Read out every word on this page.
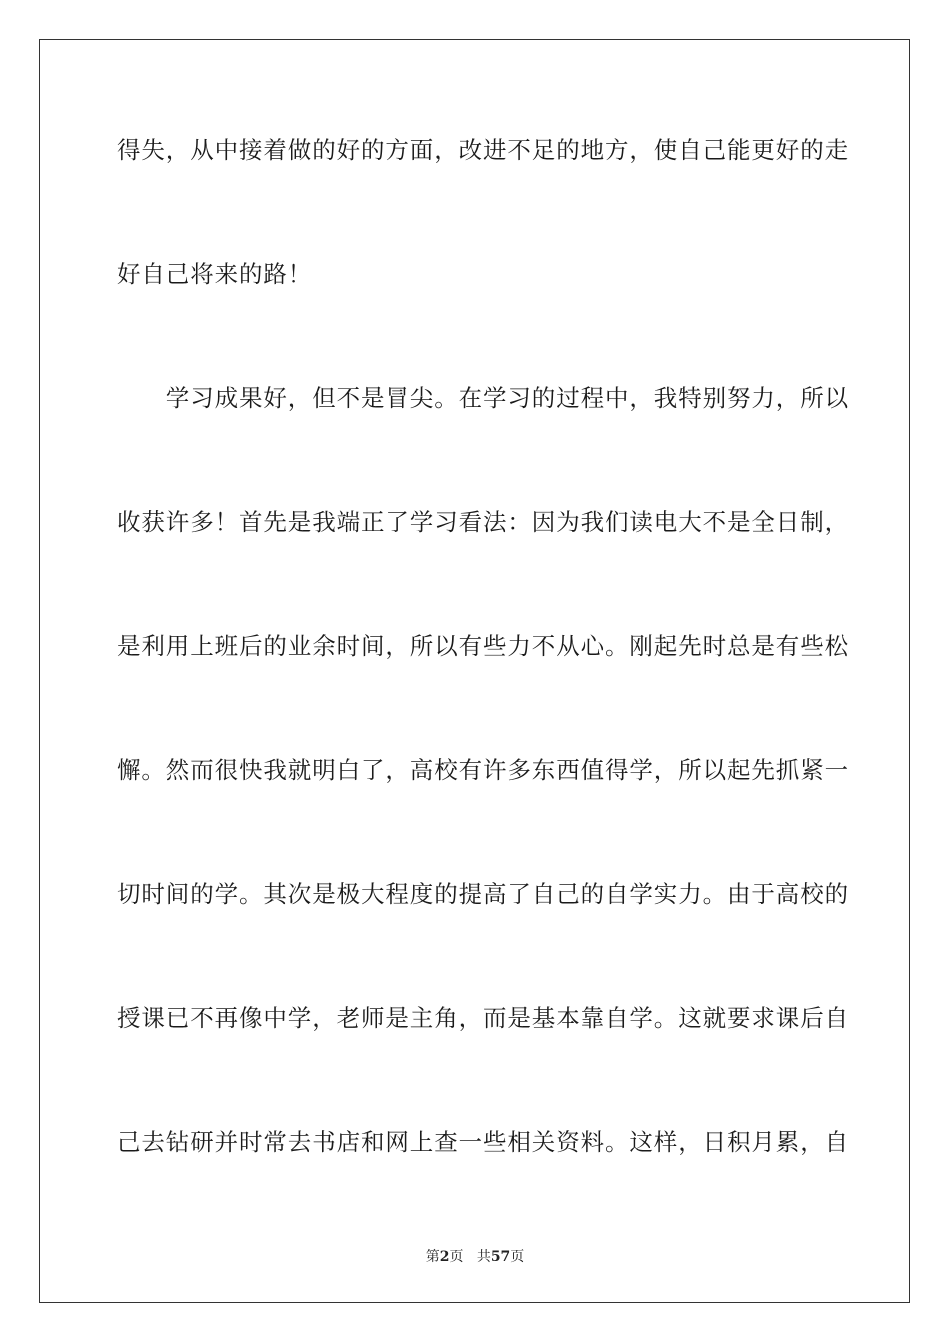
得失，从中接着做的好的方面，改进不足的地方，使自己能更好的走
好自己将来的路！
　　学习成果好，但不是冒尖。在学习的过程中，我特别努力，所以
收获许多！首先是我端正了学习看法：因为我们读电大不是全日制，
是利用上班后的业余时间，所以有些力不从心。刚起先时总是有些松
懈。然而很快我就明白了，高校有许多东西值得学，所以起先抓紧一
切时间的学。其次是极大程度的提高了自己的自学实力。由于高校的
授课已不再像中学，老师是主角，而是基本靠自学。这就要求课后自
己去钻研并时常去书店和网上查一些相关资料。这样，日积月累，自
第2页 共57页
